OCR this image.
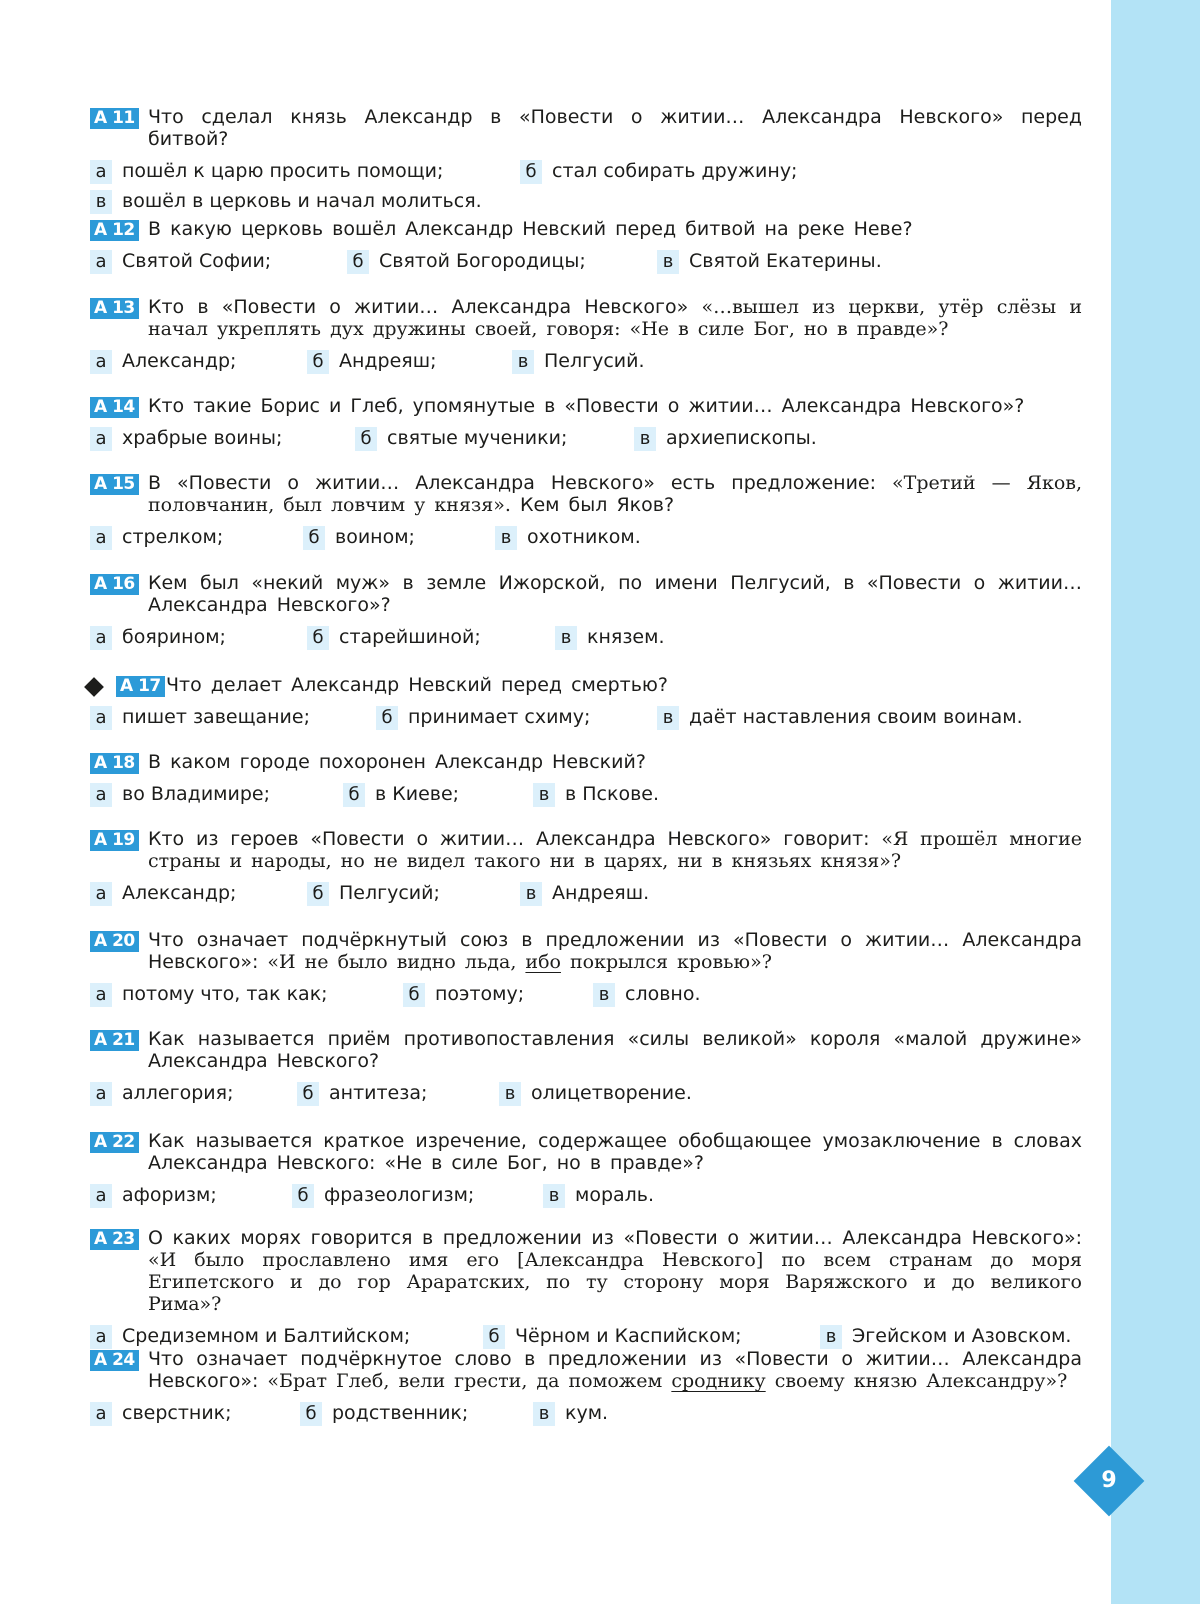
А 11 Что сделал князь Александр в «Повести о житии… Александра Невского» перед битвой?
а пошёл к царю просить помощи;	б стал собирать дружину;
в вошёл в церковь и начал молиться.
А 12 В какую церковь вошёл Александр Невский перед битвой на реке Неве?
а Святой Софии;	б Святой Богородицы;	в Святой Екатерины.
А 13 Кто в «Повести о житии… Александра Невского» «…вышел из церкви, утёр слёзы и начал укреплять дух дружины своей, говоря: «Не в силе Бог, но в правде»?
а Александр;	б Андреяш;	в Пелгусий.
А 14 Кто такие Борис и Глеб, упомянутые в «Повести о житии… Александра Невского»?
а храбрые воины;	б святые мученики;	в архиепископы.
А 15 В «Повести о житии… Александра Невского» есть предложение: «Третий — Яков, половчанин, был ловчим у князя». Кем был Яков?
а стрелком;	б воином;	в охотником.
А 16 Кем был «некий муж» в земле Ижорской, по имени Пелгусий, в «Повести о житии… Александра Невского»?
а боярином;	б старейшиной;	в князем.
А 17 Что делает Александр Невский перед смертью?
а пишет завещание;	б принимает схиму;	в даёт наставления своим воинам.
А 18 В каком городе похоронен Александр Невский?
а во Владимире;	б в Киеве;	в в Пскове.
А 19 Кто из героев «Повести о житии… Александра Невского» говорит: «Я прошёл многие страны и народы, но не видел такого ни в царях, ни в князьях князя»?
а Александр;	б Пелгусий;	в Андреяш.
А 20 Что означает подчёркнутый союз в предложении из «Повести о житии… Александра Невского»: «И не было видно льда, ибо покрылся кровью»?
а потому что, так как;	б поэтому;	в словно.
А 21 Как называется приём противопоставления «силы великой» короля «малой дружине» Александра Невского?
а аллегория;	б антитеза;	в олицетворение.
А 22 Как называется краткое изречение, содержащее обобщающее умозаключение в словах Александра Невского: «Не в силе Бог, но в правде»?
а афоризм;	б фразеологизм;	в мораль.
А 23 О каких морях говорится в предложении из «Повести о житии… Александра Невского»: «И было прославлено имя его [Александра Невского] по всем странам до моря Египетского и до гор Араратских, по ту сторону моря Варяжского и до великого Рима»?
а Средиземном и Балтийском;	б Чёрном и Каспийском;	в Эгейском и Азовском.
А 24 Что означает подчёркнутое слово в предложении из «Повести о житии… Александра Невского»: «Брат Глеб, вели грести, да поможем сроднику своему князю Александру»?
а сверстник;	б родственник;	в кум.
9
